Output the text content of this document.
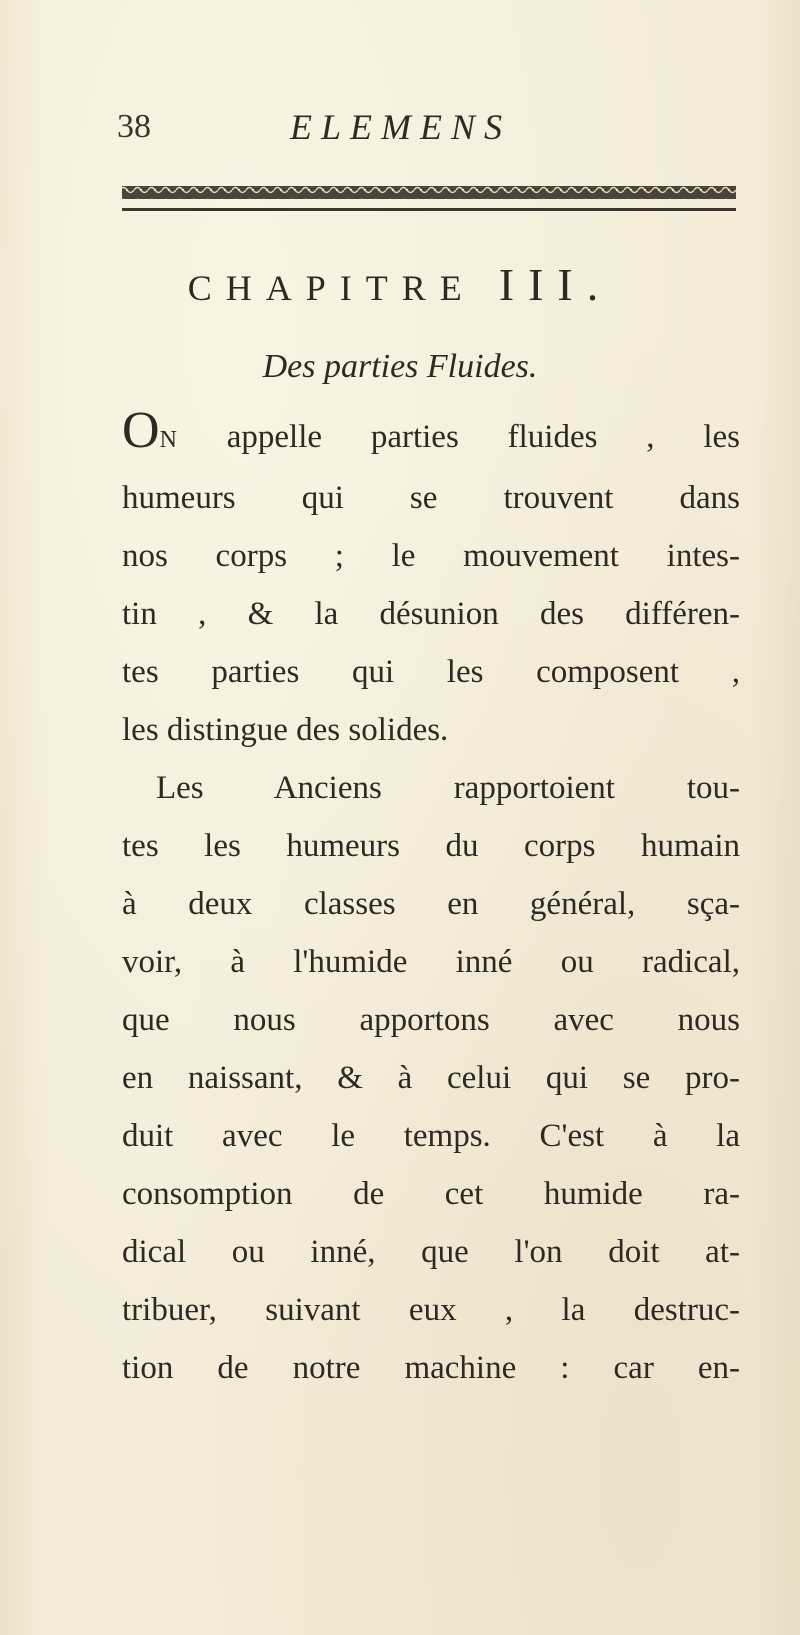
38	ELEMENS
CHAPITRE III.
Des parties Fluides.
ON appelle parties fluides , les
humeurs qui se trouvent dans
nos corps ; le mouvement intes-
tin , & la désunion des différen-
tes parties qui les composent ,
les distingue des solides.
Les Anciens rapportoient tou-
tes les humeurs du corps humain
à deux classes en général, sça-
voir, à l'humide inné ou radical,
que nous apportons avec nous
en naissant, & à celui qui se pro-
duit avec le temps. C'est à la
consomption de cet humide ra-
dical ou inné, que l'on doit at-
tribuer, suivant eux , la destruc-
tion de notre machine : car en-
